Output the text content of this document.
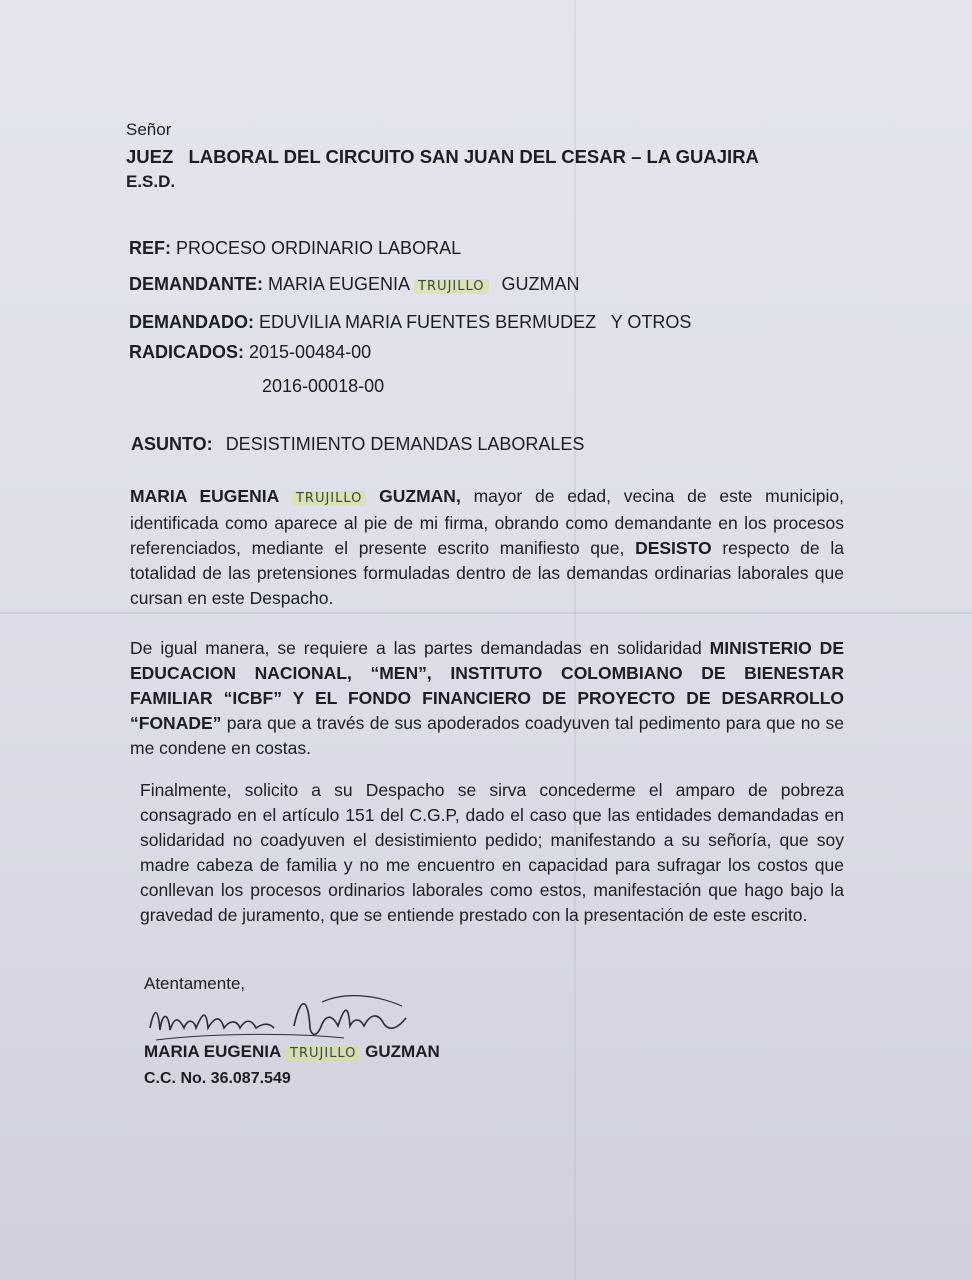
Señor
JUEZ LABORAL DEL CIRCUITO SAN JUAN DEL CESAR – LA GUAJIRA
E.S.D.
REF: PROCESO ORDINARIO LABORAL
DEMANDANTE: MARIA EUGENIA TRUJILLO GUZMAN
DEMANDADO: EDUVILIA MARIA FUENTES BERMUDEZ   Y OTROS
RADICADOS: 2015-00484-00
2016-00018-00
ASUNTO: DESISTIMIENTO DEMANDAS LABORALES
MARIA EUGENIA TRUJILLO GUZMAN, mayor de edad, vecina de este municipio, identificada como aparece al pie de mi firma, obrando como demandante en los procesos referenciados, mediante el presente escrito manifiesto que, DESISTO respecto de la totalidad de las pretensiones formuladas dentro de las demandas ordinarias laborales que cursan en este Despacho.
De igual manera, se requiere a las partes demandadas en solidaridad MINISTERIO DE EDUCACION NACIONAL, “MEN”, INSTITUTO COLOMBIANO DE BIENESTAR FAMILIAR “ICBF” Y EL FONDO FINANCIERO DE PROYECTO DE DESARROLLO “FONADE” para que a través de sus apoderados coadyuven tal pedimento para que no se me condene en costas.
Finalmente, solicito a su Despacho se sirva concederme el amparo de pobreza consagrado en el artículo 151 del C.G.P, dado el caso que las entidades demandadas en solidaridad no coadyuven el desistimiento pedido; manifestando a su señoría, que soy madre cabeza de familia y no me encuentro en capacidad para sufragar los costos que conllevan los procesos ordinarios laborales como estos, manifestación que hago bajo la gravedad de juramento, que se entiende prestado con la presentación de este escrito.
Atentamente,
MARIA EUGENIA TRUJILLO GUZMAN
C.C. No. 36.087.549
